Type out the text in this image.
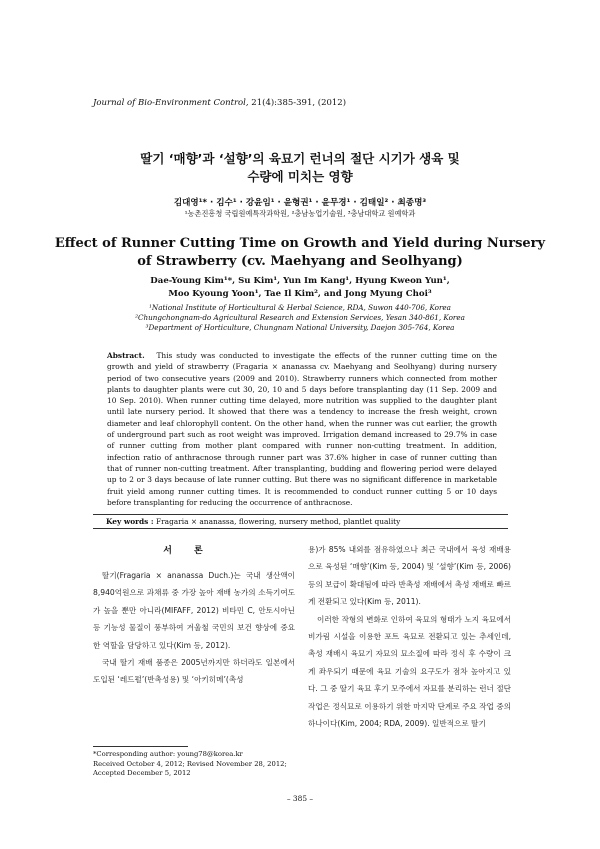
Journal of Bio-Environment Control, 21(4):385-391, (2012)
딸기 ‘매향’과 ‘설향’의 육묘기 런너의 절단 시기가 생육 및
수량에 미치는 영향
김대영¹* · 김수¹ · 강윤임¹ · 윤형권¹ · 윤무경¹ · 김태일² · 최종명³
¹농촌진흥청 국립원예특작과학원, ²충남농업기술원, ³충남대학교 원예학과
Effect of Runner Cutting Time on Growth and Yield during Nursery
of Strawberry (cv. Maehyang and Seolhyang)
Dae-Young Kim¹*, Su Kim¹, Yun Im Kang¹, Hyung Kweon Yun¹,
Moo Kyoung Yoon¹, Tae Il Kim², and Jong Myung Choi³
¹National Institute of Horticultural & Herbal Science, RDA, Suwon 440-706, Korea
²Chungchongnam-do Agricultural Research and Extension Services, Yesan 340-861, Korea
³Department of Horticulture, Chungnam National University, Daejon 305-764, Korea
Abstract. This study was conducted to investigate the effects of the runner cutting time on the growth and yield of strawberry (Fragaria × ananassa cv. Maehyang and Seolhyang) during nursery period of two consecutive years (2009 and 2010). Strawberry runners which connected from mother plants to daughter plants were cut 30, 20, 10 and 5 days before transplanting day (11 Sep. 2009 and 10 Sep. 2010). When runner cutting time delayed, more nutrition was supplied to the daughter plant until late nursery period. It showed that there was a tendency to increase the fresh weight, crown diameter and leaf chlorophyll content. On the other hand, when the runner was cut earlier, the growth of underground part such as root weight was improved. Irrigation demand increased to 29.7% in case of runner cutting from mother plant compared with runner non-cutting treatment. In addition, infection ratio of anthracnose through runner part was 37.6% higher in case of runner cutting than that of runner non-cutting treatment. After transplanting, budding and flowering period were delayed up to 2 or 3 days because of late runner cutting. But there was no significant difference in marketable fruit yield among runner cutting times. It is recommended to conduct runner cutting 5 or 10 days before transplanting for reducing the occurrence of anthracnose.
Key words : Fragaria × ananassa, flowering, nursery method, plantlet quality
서론

딸기(Fragaria × ananassa Duch.)는 국내 생산액이 8,940억원으로 과채류 중 가장 높아 재배 농가의 소득기여도가 높을 뿐만 아니라(MIFAFF, 2012) 비타민 C, 안토시아닌 등 기능성 물질이 풍부하여 겨울철 국민의 보건 향상에 중요한 역할을 담당하고 있다(Kim 등, 2012).

국내 딸기 재배 품종은 2005년까지만 하더라도 일본에서 도입된 ‘레드펄’(반촉성용) 및 ‘아키히메’(촉성

용)가 85% 내외를 점유하였으나 최근 국내에서 육성 재배용으로 육성된 ‘매향’(Kim 등, 2004) 및 ‘설향’(Kim 등, 2006) 등의 보급이 확대됨에 따라 반촉성 재배에서 촉성 재배로 빠르게 전환되고 있다(Kim 등, 2011).

이러한 작형의 변화로 인하여 육묘의 형태가 노지 육묘에서 비가림 시설을 이용한 포트 육묘로 전환되고 있는 추세인데, 촉성 재배시 육묘기 자묘의 묘소질에 따라 정식 후 수량이 크게 좌우되기 때문에 육묘 기술의 요구도가 점차 높아지고 있다. 그 중 딸기 육묘 후기 모주에서 자묘를 분리하는 런너 절단 작업은 정식묘로 이용하기 위한 마지막 단계로 주요 작업 중의 하나이다(Kim, 2004; RDA, 2009). 일반적으로 딸기

*Corresponding author: young78@korea.kr
Received October 4, 2012; Revised November 28, 2012;
Accepted December 5, 2012
– 385 –
